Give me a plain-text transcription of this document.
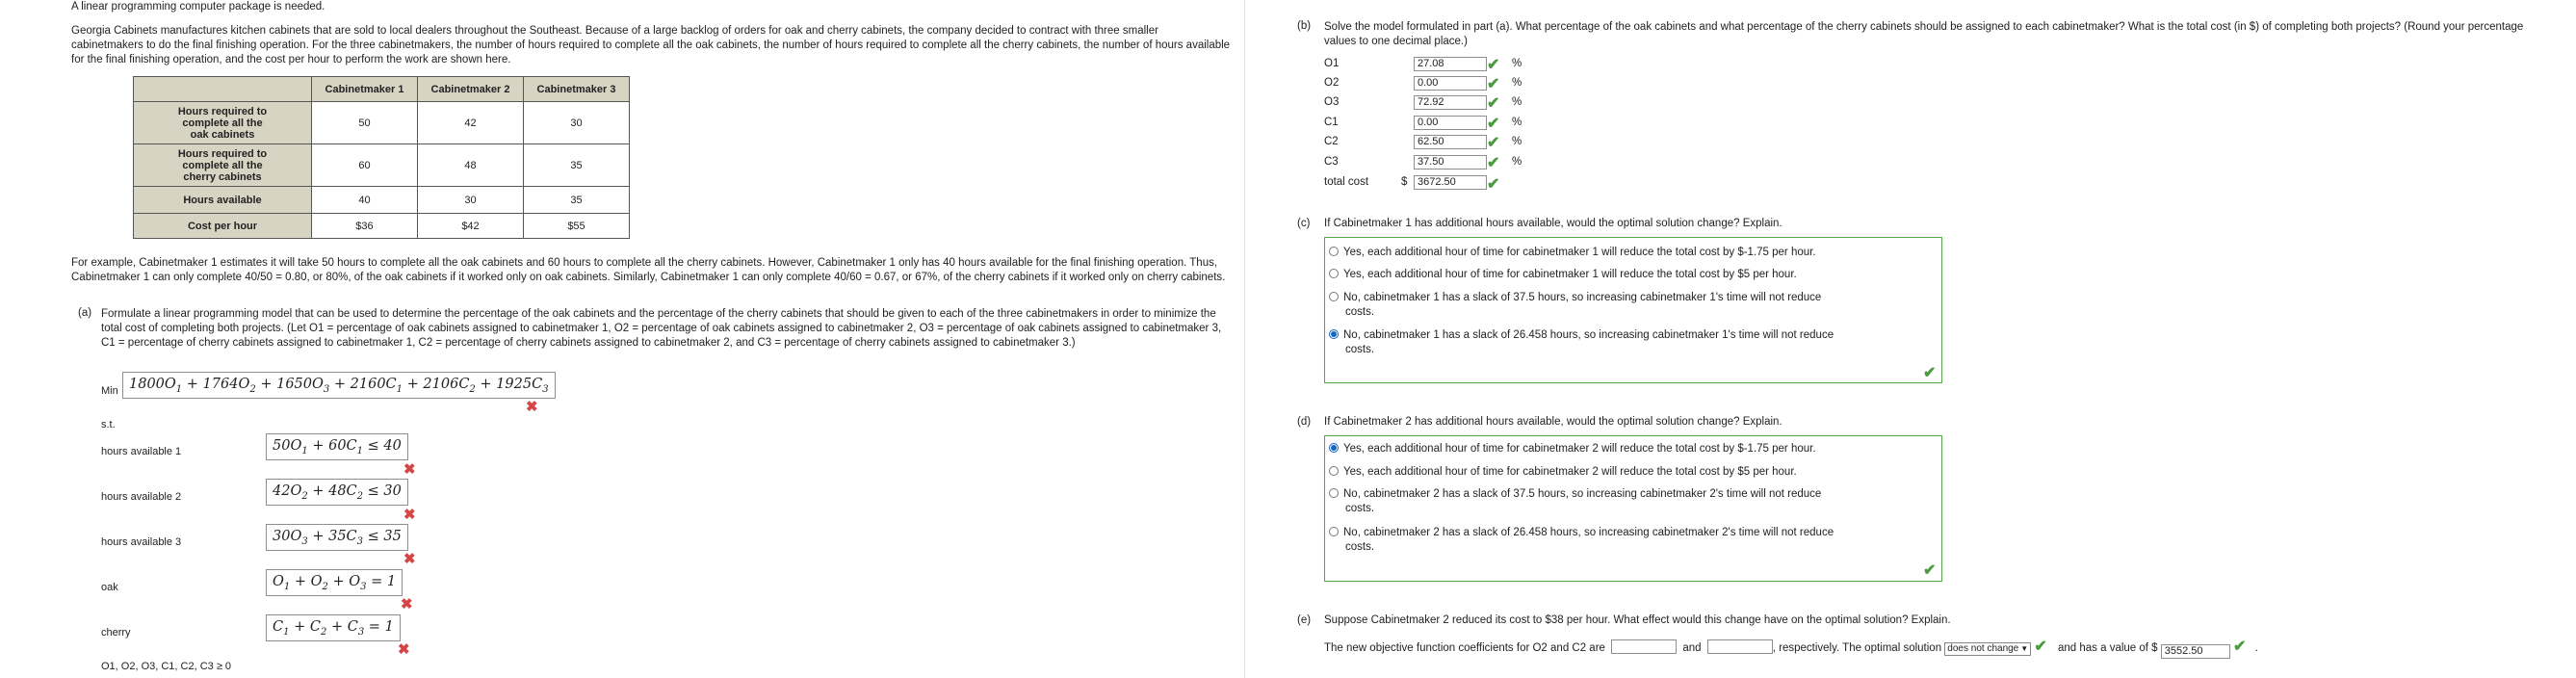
A linear programming computer package is needed.

Georgia Cabinets manufactures kitchen cabinets that are sold to local dealers throughout the Southeast. Because of a large backlog of orders for oak and cherry cabinets, the company decided to contract with three smaller cabinetmakers to do the final finishing operation. For the three cabinetmakers, the number of hours required to complete all the oak cabinets, the number of hours required to complete all the cherry cabinets, the number of hours available for the final finishing operation, and the cost per hour to perform the work are shown here.

	Cabinetmaker 1	Cabinetmaker 2	Cabinetmaker 3
Hours required to complete all the oak cabinets	50	42	30
Hours required to complete all the cherry cabinets	60	48	35
Hours available	40	30	35
Cost per hour	$36	$42	$55

For example, Cabinetmaker 1 estimates it will take 50 hours to complete all the oak cabinets and 60 hours to complete all the cherry cabinets. However, Cabinetmaker 1 only has 40 hours available for the final finishing operation. Thus, Cabinetmaker 1 can only complete 40/50 = 0.80, or 80%, of the oak cabinets if it worked only on oak cabinets. Similarly, Cabinetmaker 1 can only complete 40/60 = 0.67, or 67%, of the cherry cabinets if it worked only on cherry cabinets.

(a) Formulate a linear programming model that can be used to determine the percentage of the oak cabinets and the percentage of the cherry cabinets that should be given to each of the three cabinetmakers in order to minimize the total cost of completing both projects. (Let O1 = percentage of oak cabinets assigned to cabinetmaker 1, O2 = percentage of oak cabinets assigned to cabinetmaker 2, O3 = percentage of oak cabinets assigned to cabinetmaker 3, C1 = percentage of cherry cabinets assigned to cabinetmaker 1, C2 = percentage of cherry cabinets assigned to cabinetmaker 2, and C3 = percentage of cherry cabinets assigned to cabinetmaker 3.)

Min $1800O_1 + 1764O_2 + 1650O_3 + 2160C_1 + 2106C_2 + 1925C_3$
✖
s.t.
hours available 1	$50O_1 + 60C_1 \le 40$
✖
hours available 2	$42O_2 + 48C_2 \le 30$
✖
hours available 3	$30O_3 + 35C_3 \le 35$
✖
oak	$O_1 + O_2 + O_3 = 1$
✖
cherry	$C_1 + C_2 + C_3 = 1$
✖
O1, O2, O3, C1, C2, C3 ≥ 0
(b) Solve the model formulated in part (a). What percentage of the oak cabinets and what percentage of the cherry cabinets should be assigned to each cabinetmaker? What is the total cost (in $) of completing both projects? (Round your percentage values to one decimal place.)

O1	27.08	✔ %
O2	0.00	✔ %
O3	72.92	✔ %
C1	0.00	✔ %
C2	62.50	✔ %
C3	37.50	✔ %
total cost	$ 3672.50	✔
(c) If Cabinetmaker 1 has additional hours available, would the optimal solution change? Explain.

Yes, each additional hour of time for cabinetmaker 1 will reduce the total cost by $-1.75 per hour.
Yes, each additional hour of time for cabinetmaker 1 will reduce the total cost by $5 per hour.
No, cabinetmaker 1 has a slack of 37.5 hours, so increasing cabinetmaker 1's time will not reduce
costs.
No, cabinetmaker 1 has a slack of 26.458 hours, so increasing cabinetmaker 1's time will not reduce
costs.
✔
(d) If Cabinetmaker 2 has additional hours available, would the optimal solution change? Explain.

Yes, each additional hour of time for cabinetmaker 2 will reduce the total cost by $-1.75 per hour.
Yes, each additional hour of time for cabinetmaker 2 will reduce the total cost by $5 per hour.
No, cabinetmaker 2 has a slack of 37.5 hours, so increasing cabinetmaker 2's time will not reduce
costs.
No, cabinetmaker 2 has a slack of 26.458 hours, so increasing cabinetmaker 2's time will not reduce
costs.
✔
(e) Suppose Cabinetmaker 2 reduced its cost to $38 per hour. What effect would this change have on the optimal solution? Explain.

The new objective function coefficients for O2 and C2 are	and	, respectively. The optimal solution does not change ▼ ✔ and has a value of $ 3552.50 ✔ .
